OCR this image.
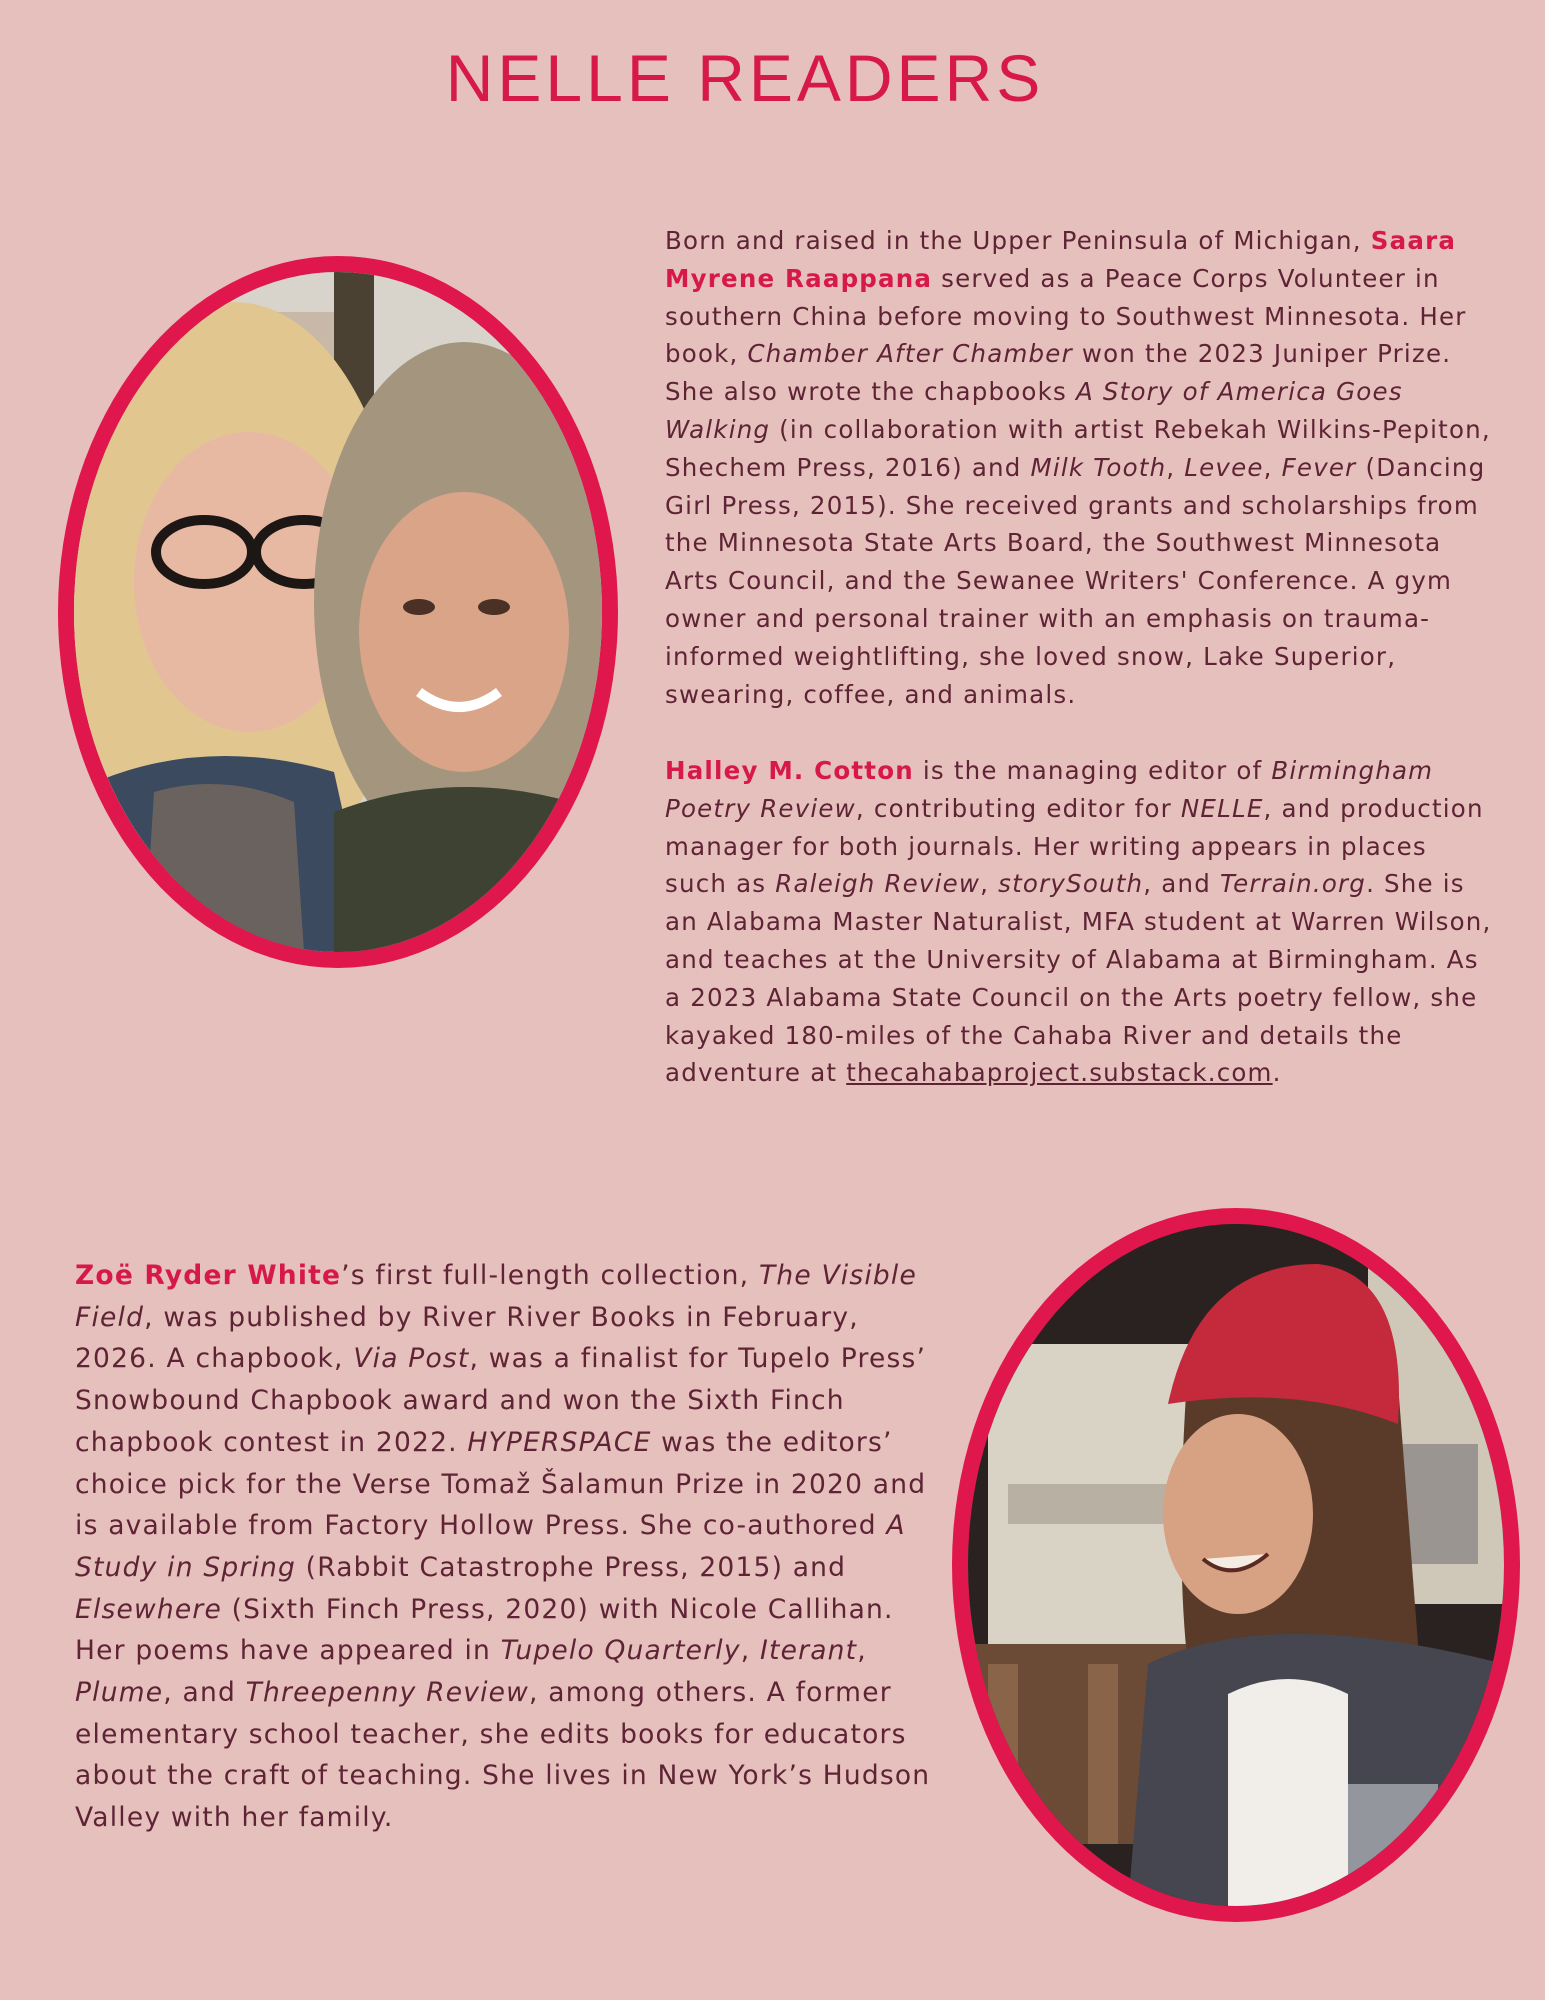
NELLE READERS

Born and raised in the Upper Peninsula of Michigan, Saara Myrene Raappana served as a Peace Corps Volunteer in southern China before moving to Southwest Minnesota. Her book, Chamber After Chamber won the 2023 Juniper Prize. She also wrote the chapbooks A Story of America Goes Walking (in collaboration with artist Rebekah Wilkins-Pepiton, Shechem Press, 2016) and Milk Tooth, Levee, Fever (Dancing Girl Press, 2015). She received grants and scholarships from the Minnesota State Arts Board, the Southwest Minnesota Arts Council, and the Sewanee Writers' Conference. A gym owner and personal trainer with an emphasis on trauma-informed weightlifting, she loved snow, Lake Superior, swearing, coffee, and animals.

Halley M. Cotton is the managing editor of Birmingham Poetry Review, contributing editor for NELLE, and production manager for both journals. Her writing appears in places such as Raleigh Review, storySouth, and Terrain.org. She is an Alabama Master Naturalist, MFA student at Warren Wilson, and teaches at the University of Alabama at Birmingham. As a 2023 Alabama State Council on the Arts poetry fellow, she kayaked 180-miles of the Cahaba River and details the adventure at thecahabaproject.substack.com.

Zoë Ryder White’s first full-length collection, The Visible Field, was published by River River Books in February, 2026. A chapbook, Via Post, was a finalist for Tupelo Press’ Snowbound Chapbook award and won the Sixth Finch chapbook contest in 2022. HYPERSPACE was the editors’ choice pick for the Verse Tomaž Šalamun Prize in 2020 and is available from Factory Hollow Press. She co-authored A Study in Spring (Rabbit Catastrophe Press, 2015) and Elsewhere (Sixth Finch Press, 2020) with Nicole Callihan. Her poems have appeared in Tupelo Quarterly, Iterant, Plume, and Threepenny Review, among others. A former elementary school teacher, she edits books for educators about the craft of teaching. She lives in New York’s Hudson Valley with her family.
